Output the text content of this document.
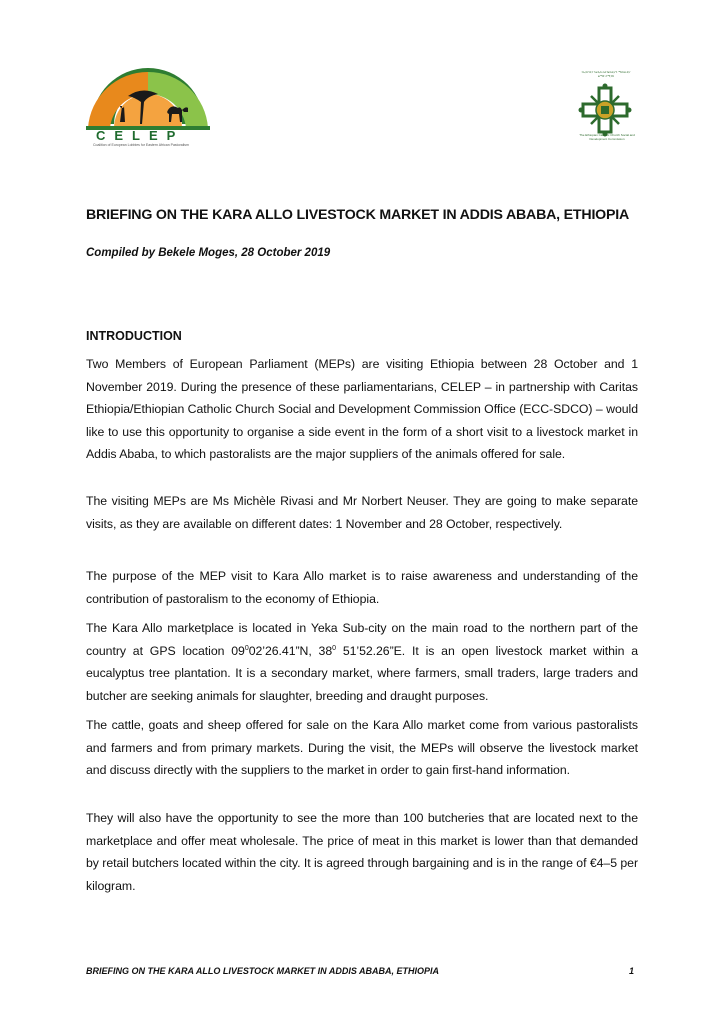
CELEP
Coalition of European Lobbies for Eastern African Pastoralism
የኢትዮጵያ ካቶሊክ ቤተክርስቲያን ማህበራዊና ልማት ኮሚሽን
The Ethiopian Catholic Church Social and Development Commission
BRIEFING ON THE KARA ALLO LIVESTOCK MARKET IN ADDIS ABABA, ETHIOPIA
Compiled by Bekele Moges, 28 October 2019
INTRODUCTION

Two Members of European Parliament (MEPs) are visiting Ethiopia between 28 October and 1 November 2019. During the presence of these parliamentarians, CELEP – in partnership with Caritas Ethiopia/Ethiopian Catholic Church Social and Development Commission Office (ECC-SDCO) – would like to use this opportunity to organise a side event in the form of a short visit to a livestock market in Addis Ababa, to which pastoralists are the major suppliers of the animals offered for sale.

The visiting MEPs are Ms Michèle Rivasi and Mr Norbert Neuser. They are going to make separate visits, as they are available on different dates: 1 November and 28 October, respectively.

The purpose of the MEP visit to Kara Allo market is to raise awareness and understanding of the contribution of pastoralism to the economy of Ethiopia.

The Kara Allo marketplace is located in Yeka Sub-city on the main road to the northern part of the country at GPS location $09^002’26.41”N$, $38^0$ 51’52.26”E. It is an open livestock market within a eucalyptus tree plantation. It is a secondary market, where farmers, small traders, large traders and butcher are seeking animals for slaughter, breeding and draught purposes.

The cattle, goats and sheep offered for sale on the Kara Allo market come from various pastoralists and farmers and from primary markets. During the visit, the MEPs will observe the livestock market and discuss directly with the suppliers to the market in order to gain first-hand information.

They will also have the opportunity to see the more than 100 butcheries that are located next to the marketplace and offer meat wholesale. The price of meat in this market is lower than that demanded by retail butchers located within the city. It is agreed through bargaining and is in the range of €4–5 per kilogram.

BRIEFING ON THE KARA ALLO LIVESTOCK MARKET IN ADDIS ABABA, ETHIOPIA	1
